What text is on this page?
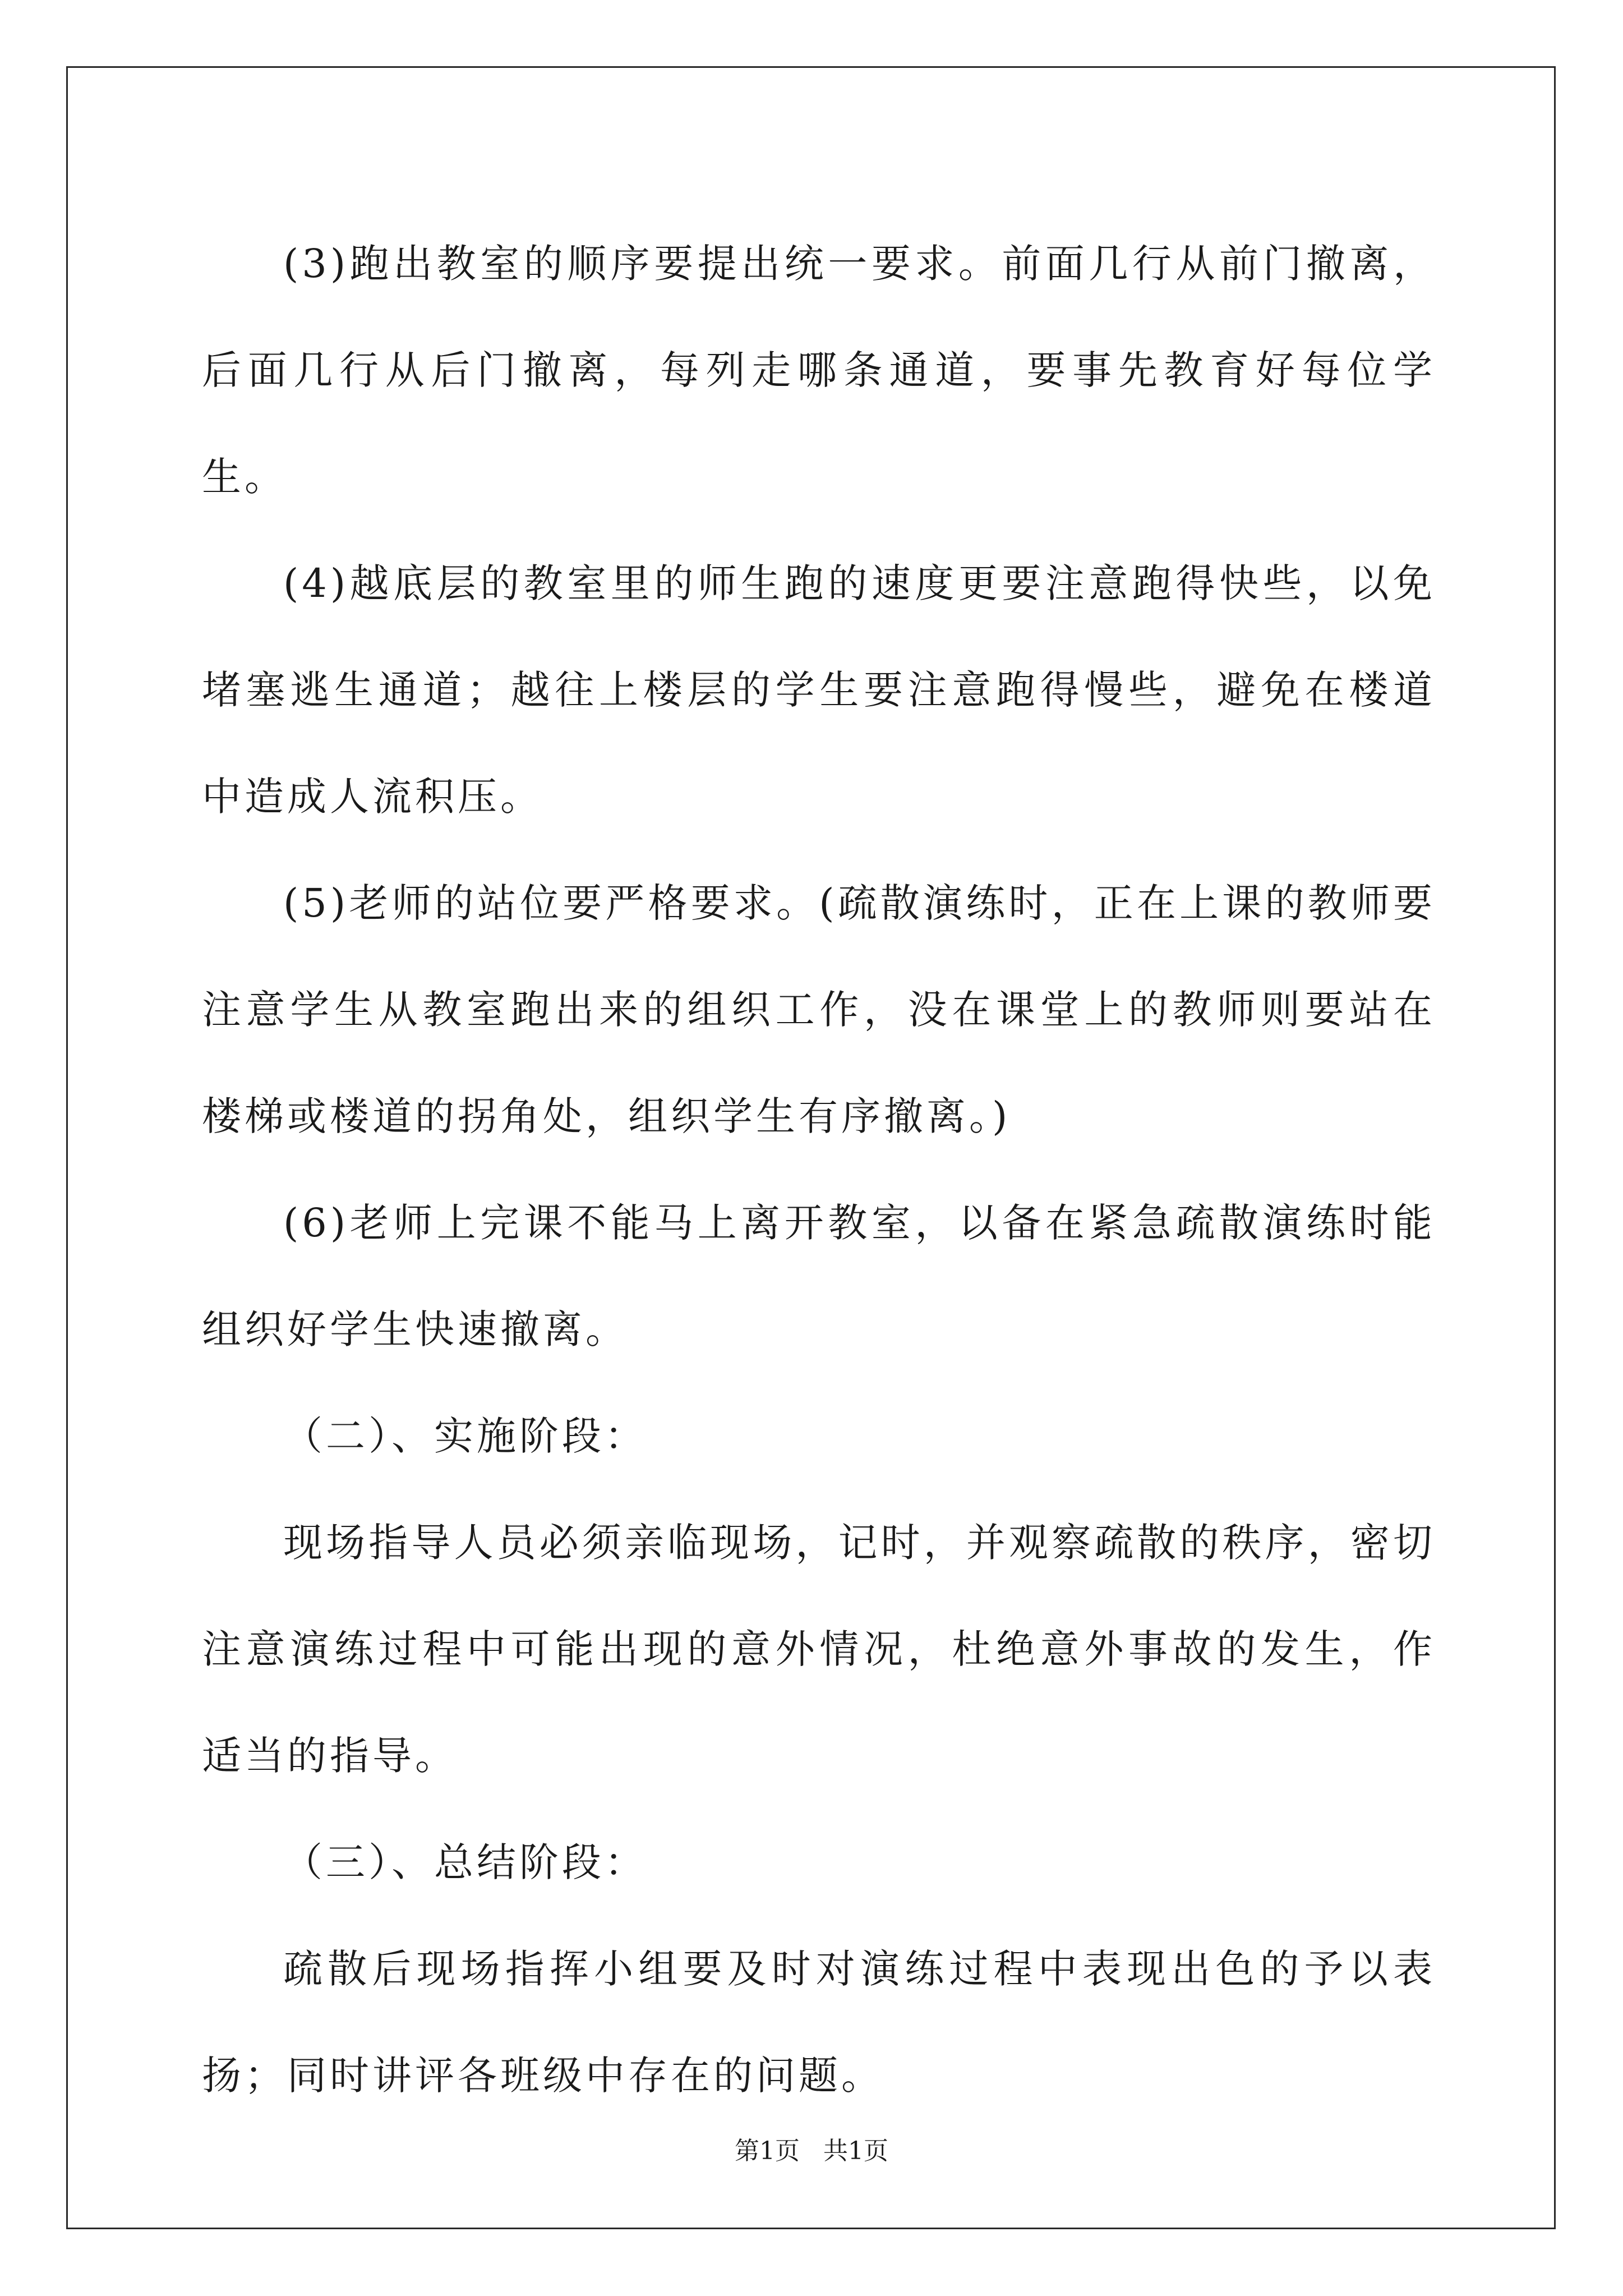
(3)跑出教室的顺序要提出统一要求。前面几行从前门撤离，后面几行从后门撤离，每列走哪条通道，要事先教育好每位学生。

(4)越底层的教室里的师生跑的速度更要注意跑得快些，以免堵塞逃生通道；越往上楼层的学生要注意跑得慢些，避免在楼道中造成人流积压。

(5)老师的站位要严格要求。(疏散演练时，正在上课的教师要注意学生从教室跑出来的组织工作，没在课堂上的教师则要站在楼梯或楼道的拐角处，组织学生有序撤离。)

(6)老师上完课不能马上离开教室，以备在紧急疏散演练时能组织好学生快速撤离。

（二）、实施阶段：

现场指导人员必须亲临现场，记时，并观察疏散的秩序，密切注意演练过程中可能出现的意外情况，杜绝意外事故的发生，作适当的指导。

（三）、总结阶段：

疏散后现场指挥小组要及时对演练过程中表现出色的予以表扬；同时讲评各班级中存在的问题。

第1页 共1页
